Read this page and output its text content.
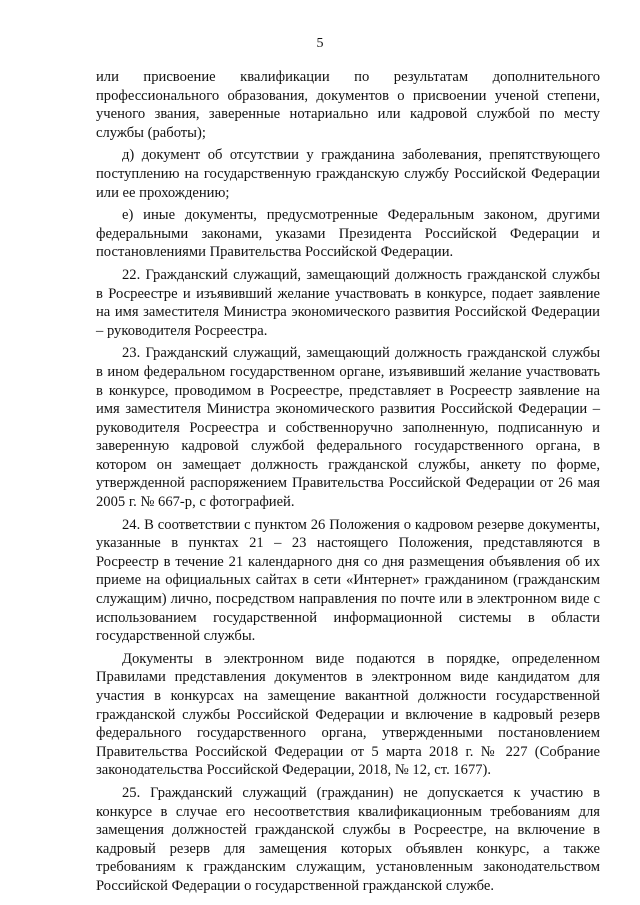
5

или присвоение квалификации по результатам дополнительного профессионального образования, документов о присвоении ученой степени, ученого звания, заверенные нотариально или кадровой службой по месту службы (работы);

д) документ об отсутствии у гражданина заболевания, препятствующего поступлению на государственную гражданскую службу Российской Федерации или ее прохождению;

е) иные документы, предусмотренные Федеральным законом, другими федеральными законами, указами Президента Российской Федерации и постановлениями Правительства Российской Федерации.

22. Гражданский служащий, замещающий должность гражданской службы в Росреестре и изъявивший желание участвовать в конкурсе, подает заявление на имя заместителя Министра экономического развития Российской Федерации – руководителя Росреестра.

23. Гражданский служащий, замещающий должность гражданской службы в ином федеральном государственном органе, изъявивший желание участвовать в конкурсе, проводимом в Росреестре, представляет в Росреестр заявление на имя заместителя Министра экономического развития Российской Федерации – руководителя Росреестра и собственноручно заполненную, подписанную и заверенную кадровой службой федерального государственного органа, в котором он замещает должность гражданской службы, анкету по форме, утвержденной распоряжением Правительства Российской Федерации от 26 мая 2005 г. № 667-р, с фотографией.

24. В соответствии с пунктом 26 Положения о кадровом резерве документы, указанные в пунктах 21 – 23 настоящего Положения, представляются в Росреестр в течение 21 календарного дня со дня размещения объявления об их приеме на официальных сайтах в сети «Интернет» гражданином (гражданским служащим) лично, посредством направления по почте или в электронном виде с использованием государственной информационной системы в области государственной службы.

Документы в электронном виде подаются в порядке, определенном Правилами представления документов в электронном виде кандидатом для участия в конкурсах на замещение вакантной должности государственной гражданской службы Российской Федерации и включение в кадровый резерв федерального государственного органа, утвержденными постановлением Правительства Российской Федерации от 5 марта 2018 г. № 227 (Собрание законодательства Российской Федерации, 2018, № 12, ст. 1677).

25. Гражданский служащий (гражданин) не допускается к участию в конкурсе в случае его несоответствия квалификационным требованиям для замещения должностей гражданской службы в Росреестре, на включение в кадровый резерв для замещения которых объявлен конкурс, а также требованиям к гражданским служащим, установленным законодательством Российской Федерации о государственной гражданской службе.
